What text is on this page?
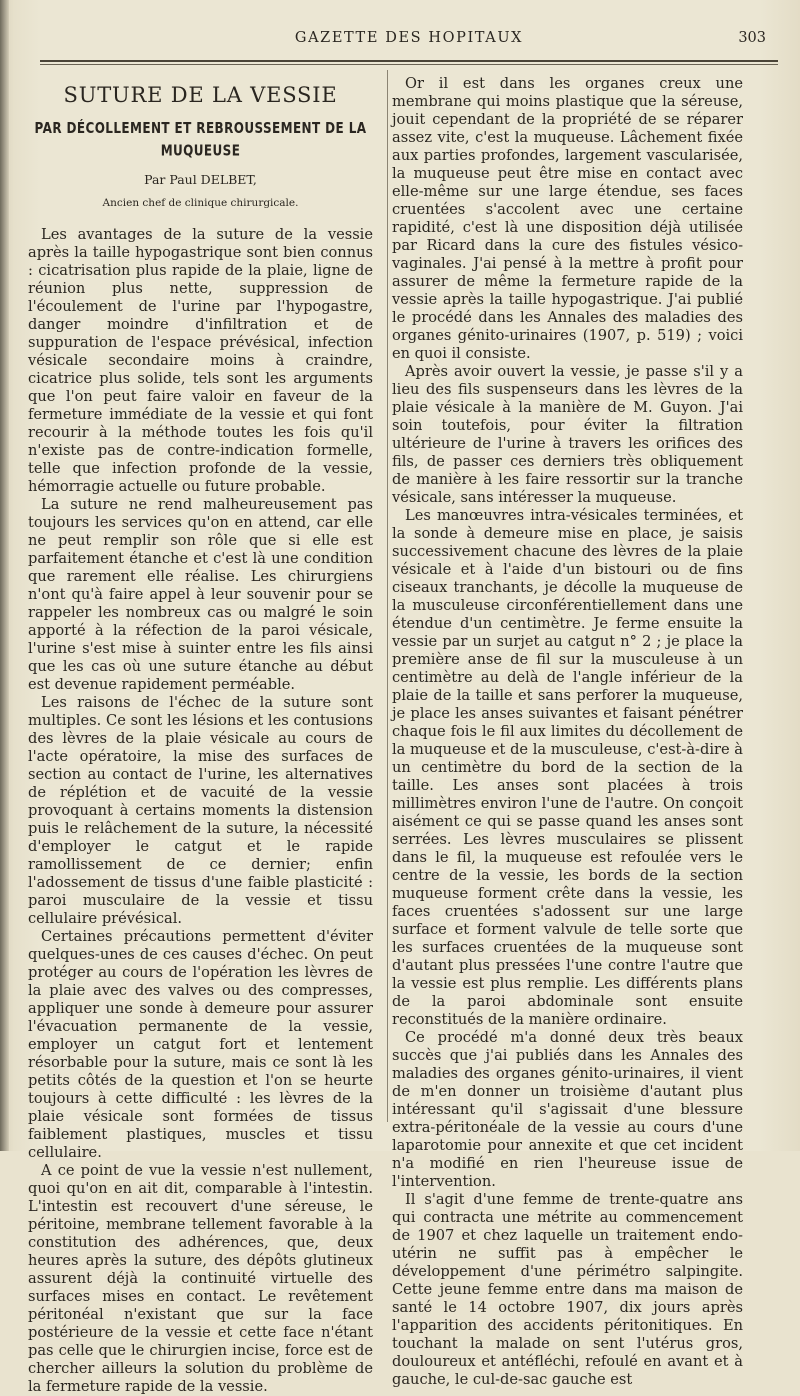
GAZETTE DES HOPITAUX	303
SUTURE DE LA VESSIE
PAR DÉCOLLEMENT ET REBROUSSEMENT DE LA MUQUEUSE
Par Paul DELBET,
Ancien chef de clinique chirurgicale.

Les avantages de la suture de la vessie après la taille hypogastrique sont bien connus : cicatrisation plus rapide de la plaie, ligne de réunion plus nette, suppression de l'écoulement de l'urine par l'hypogastre, danger moindre d'infiltration et de suppuration de l'espace prévésical, infection vésicale secondaire moins à craindre, cicatrice plus solide, tels sont les arguments que l'on peut faire valoir en faveur de la fermeture immédiate de la vessie et qui font recourir à la méthode toutes les fois qu'il n'existe pas de contre-indication formelle, telle que infection profonde de la vessie, hémorragie actuelle ou future probable.

La suture ne rend malheureusement pas toujours les services qu'on en attend, car elle ne peut remplir son rôle que si elle est parfaitement étanche et c'est là une condition que rarement elle réalise. Les chirurgiens n'ont qu'à faire appel à leur souvenir pour se rappeler les nombreux cas ou malgré le soin apporté à la réfection de la paroi vésicale, l'urine s'est mise à suinter entre les fils ainsi que les cas où une suture étanche au début est devenue rapidement perméable.

Les raisons de l'échec de la suture sont multiples. Ce sont les lésions et les contusions des lèvres de la plaie vésicale au cours de l'acte opératoire, la mise des surfaces de section au contact de l'urine, les alternatives de réplétion et de vacuité de la vessie provoquant à certains moments la distension puis le relâchement de la suture, la nécessité d'employer le catgut et le rapide ramollissement de ce dernier; enfin l'adossement de tissus d'une faible plasticité : paroi musculaire de la vessie et tissu cellulaire prévésical.

Certaines précautions permettent d'éviter quelques-unes de ces causes d'échec. On peut protéger au cours de l'opération les lèvres de la plaie avec des valves ou des compresses, appliquer une sonde à demeure pour assurer l'évacuation permanente de la vessie, employer un catgut fort et lentement résorbable pour la suture, mais ce sont là les petits côtés de la question et l'on se heurte toujours à cette difficulté : les lèvres de la plaie vésicale sont formées de tissus faiblement plastiques, muscles et tissu cellulaire.

A ce point de vue la vessie n'est nullement, quoi qu'on en ait dit, comparable à l'intestin. L'intestin est recouvert d'une séreuse, le péritoine, membrane tellement favorable à la constitution des adhérences, que, deux heures après la suture, des dépôts glutineux assurent déjà la continuité virtuelle des surfaces mises en contact. Le revêtement péritonéal n'existant que sur la face postérieure de la vessie et cette face n'étant pas celle que le chirurgien incise, force est de chercher ailleurs la solution du problème de la fermeture rapide de la vessie.

Or il est dans les organes creux une membrane qui moins plastique que la séreuse, jouit cependant de la propriété de se réparer assez vite, c'est la muqueuse. Lâchement fixée aux parties profondes, largement vascularisée, la muqueuse peut être mise en contact avec elle-même sur une large étendue, ses faces cruentées s'accolent avec une certaine rapidité, c'est là une disposition déjà utilisée par Ricard dans la cure des fistules vésico-vaginales. J'ai pensé à la mettre à profit pour assurer de même la fermeture rapide de la vessie après la taille hypogastrique. J'ai publié le procédé dans les Annales des maladies des organes génito-urinaires (1907, p. 519) ; voici en quoi il consiste.

Après avoir ouvert la vessie, je passe s'il y a lieu des fils suspenseurs dans les lèvres de la plaie vésicale à la manière de M. Guyon. J'ai soin toutefois, pour éviter la filtration ultérieure de l'urine à travers les orifices des fils, de passer ces derniers très obliquement de manière à les faire ressortir sur la tranche vésicale, sans intéresser la muqueuse.

Les manœuvres intra-vésicales terminées, et la sonde à demeure mise en place, je saisis successivement chacune des lèvres de la plaie vésicale et à l'aide d'un bistouri ou de fins ciseaux tranchants, je décolle la muqueuse de la musculeuse circonférentiellement dans une étendue d'un centimètre. Je ferme ensuite la vessie par un surjet au catgut n° 2 ; je place la première anse de fil sur la musculeuse à un centimètre au delà de l'angle inférieur de la plaie de la taille et sans perforer la muqueuse, je place les anses suivantes et faisant pénétrer chaque fois le fil aux limites du décollement de la muqueuse et de la musculeuse, c'est-à-dire à un centimètre du bord de la section de la taille. Les anses sont placées à trois millimètres environ l'une de l'autre. On conçoit aisément ce qui se passe quand les anses sont serrées. Les lèvres musculaires se plissent dans le fil, la muqueuse est refoulée vers le centre de la vessie, les bords de la section muqueuse forment crête dans la vessie, les faces cruentées s'adossent sur une large surface et forment valvule de telle sorte que les surfaces cruentées de la muqueuse sont d'autant plus pressées l'une contre l'autre que la vessie est plus remplie. Les différents plans de la paroi abdominale sont ensuite reconstitués de la manière ordinaire.

Ce procédé m'a donné deux très beaux succès que j'ai publiés dans les Annales des maladies des organes génito-urinaires, il vient de m'en donner un troisième d'autant plus intéressant qu'il s'agissait d'une blessure extra-péritonéale de la vessie au cours d'une laparotomie pour annexite et que cet incident n'a modifié en rien l'heureuse issue de l'intervention.

Il s'agit d'une femme de trente-quatre ans qui contracta une métrite au commencement de 1907 et chez laquelle un traitement endo-utérin ne suffit pas à empêcher le développement d'une périmétro salpingite. Cette jeune femme entre dans ma maison de santé le 14 octobre 1907, dix jours après l'apparition des accidents péritonitiques. En touchant la malade on sent l'utérus gros, douloureux et antéfléchi, refoulé en avant et à gauche, le cul-de-sac gauche est
